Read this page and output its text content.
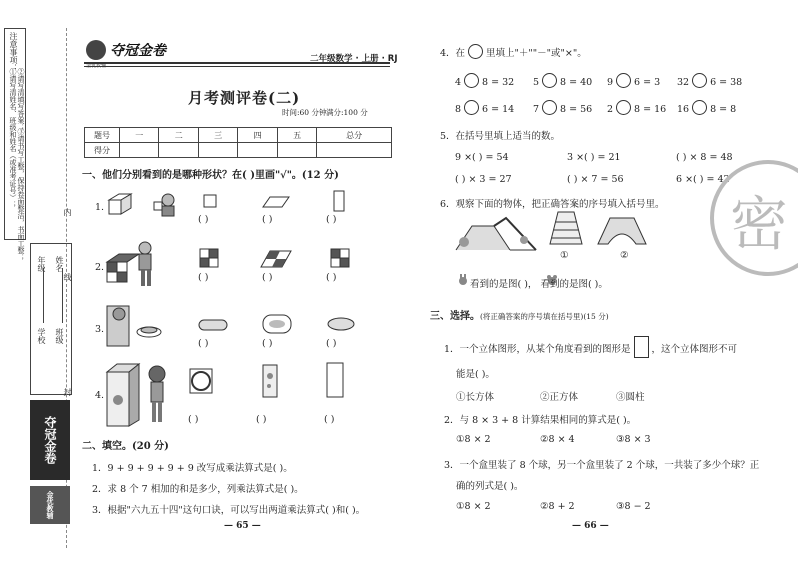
注意事项：
①请写清姓名、班级和姓名（或准考证号）； ②请写清填写答案；
③请书写工整，保持卷面整洁，书面工整；
学校
年级
班级
姓名
内
线
封
夺冠金卷
金优教辅
夺冠金卷
金优教辅
二年级数学 · 上册 · RJ
月考测评卷(二)
时间:60 分钟 满分:100 分
题号	一	二	三	四	五	总分
得分						
一、他们分别看到的是哪种形状？在( )里画"√"。(12 分)
1.
( )	( )	( )
2.
( )	( )	( )
3.
( )	( )	( )
4.
( )	( )	( )
二、填空。(20 分)
1．9 + 9 + 9 + 9 + 9 改写成乘法算式是( )。
2．求 8 个 7 相加的和是多少，列乘法算式是( )。
3．根据"六九五十四"这句口诀，可以写出两道乘法算式( )和( )。
— 65 —
4．在 里填上"＋""－"或"×"。
4 8 = 32 5 8 = 40 9 6 = 3 32 6 = 38
8 6 = 14 7 8 = 56 2 8 = 16 16 8 = 8
5．在括号里填上适当的数。
9 ×( ) = 54	3 ×( ) = 21	( ) × 8 = 48
( ) × 3 = 27	( ) × 7 = 56	6 ×( ) = 42
6．观察下面的物体，把正确答案的序号填入括号里。
①	②
看到的是图( )， 看到的是图( )。
密
三、选择。(将正确答案的序号填在括号里)(15 分)
1．一个立体图形，从某个角度看到的图形是 ，这个立体图形不可
能是( )。
①长方体	②正方体	③圆柱
2．与 8 × 3 + 8 计算结果相同的算式是( )。
①8 × 2	②8 × 4	③8 × 3
3．一个盒里装了 8 个球，另一个盒里装了 2 个球，一共装了多少个球？正
确的列式是( )。
①8 × 2	②8 + 2	③8 − 2
— 66 —
